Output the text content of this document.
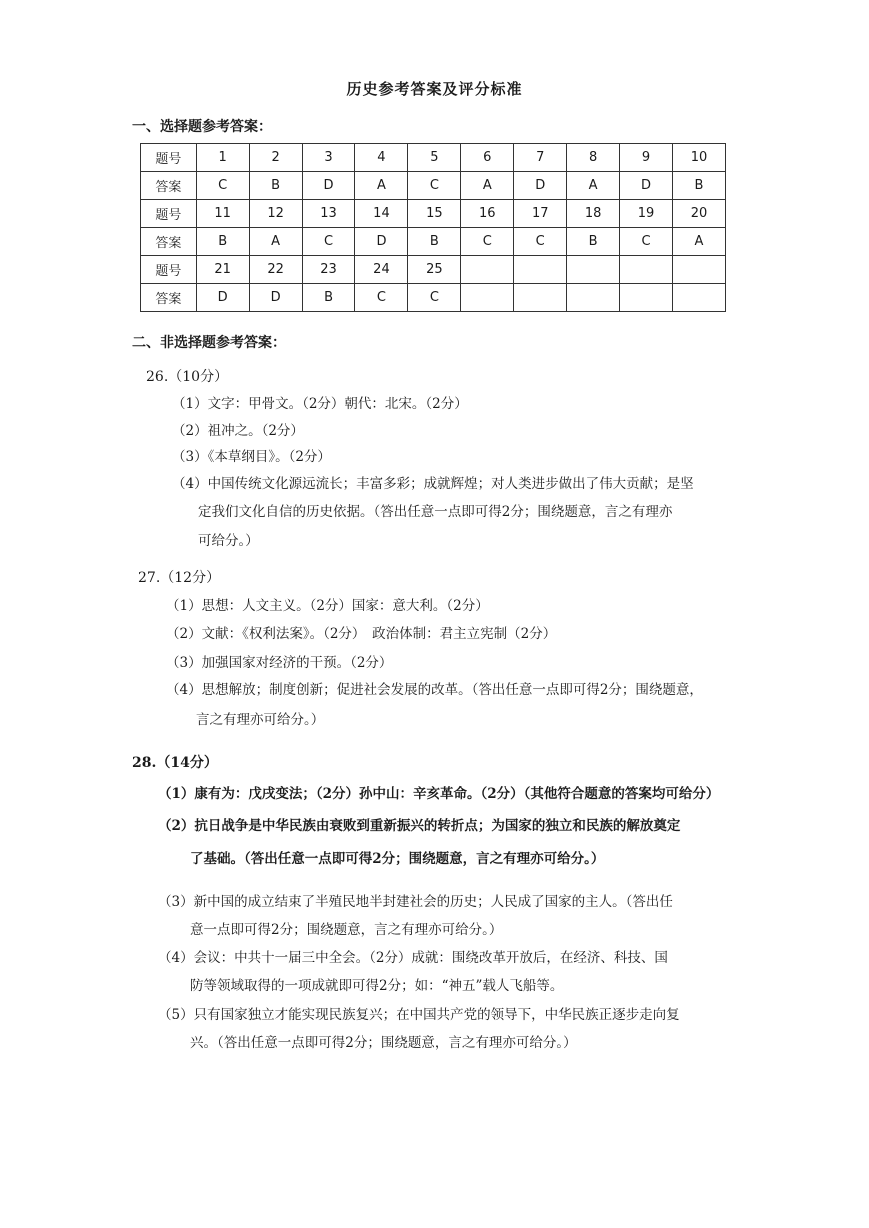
历史参考答案及评分标准
一、选择题参考答案：
题号	1	2	3	4	5	6	7	8	9	10
答案	C	B	D	A	C	A	D	A	D	B
题号	11	12	13	14	15	16	17	18	19	20
答案	B	A	C	D	B	C	C	B	C	A
题号	21	22	23	24	25					
答案	D	D	B	C	C					
二、非选择题参考答案：
26.（10分）
（1）文字：甲骨文。（2分）朝代：北宋。（2分）
（2）祖冲之。（2分）
（3）《本草纲目》。（2分）
（4）中国传统文化源远流长；丰富多彩；成就辉煌；对人类进步做出了伟大贡献；是坚
定我们文化自信的历史依据。（答出任意一点即可得2分；围绕题意，言之有理亦
可给分。）
27.（12分）
（1）思想：人文主义。（2分）国家：意大利。（2分）
（2）文献：《权利法案》。（2分）　政治体制：君主立宪制（2分）
（3）加强国家对经济的干预。（2分）
（4）思想解放；制度创新；促进社会发展的改革。（答出任意一点即可得2分；围绕题意，
言之有理亦可给分。）
28.（14分）
（1）康有为：戊戌变法；（2分）孙中山：辛亥革命。（2分）（其他符合题意的答案均可给分）
（2）抗日战争是中华民族由衰败到重新振兴的转折点；为国家的独立和民族的解放奠定
了基础。（答出任意一点即可得2分；围绕题意，言之有理亦可给分。）
（3）新中国的成立结束了半殖民地半封建社会的历史；人民成了国家的主人。（答出任
意一点即可得2分；围绕题意，言之有理亦可给分。）
（4）会议：中共十一届三中全会。（2分）成就：围绕改革开放后，在经济、科技、国
防等领域取得的一项成就即可得2分；如：“神五”载人飞船等。
（5）只有国家独立才能实现民族复兴；在中国共产党的领导下，中华民族正逐步走向复
兴。（答出任意一点即可得2分；围绕题意，言之有理亦可给分。）
